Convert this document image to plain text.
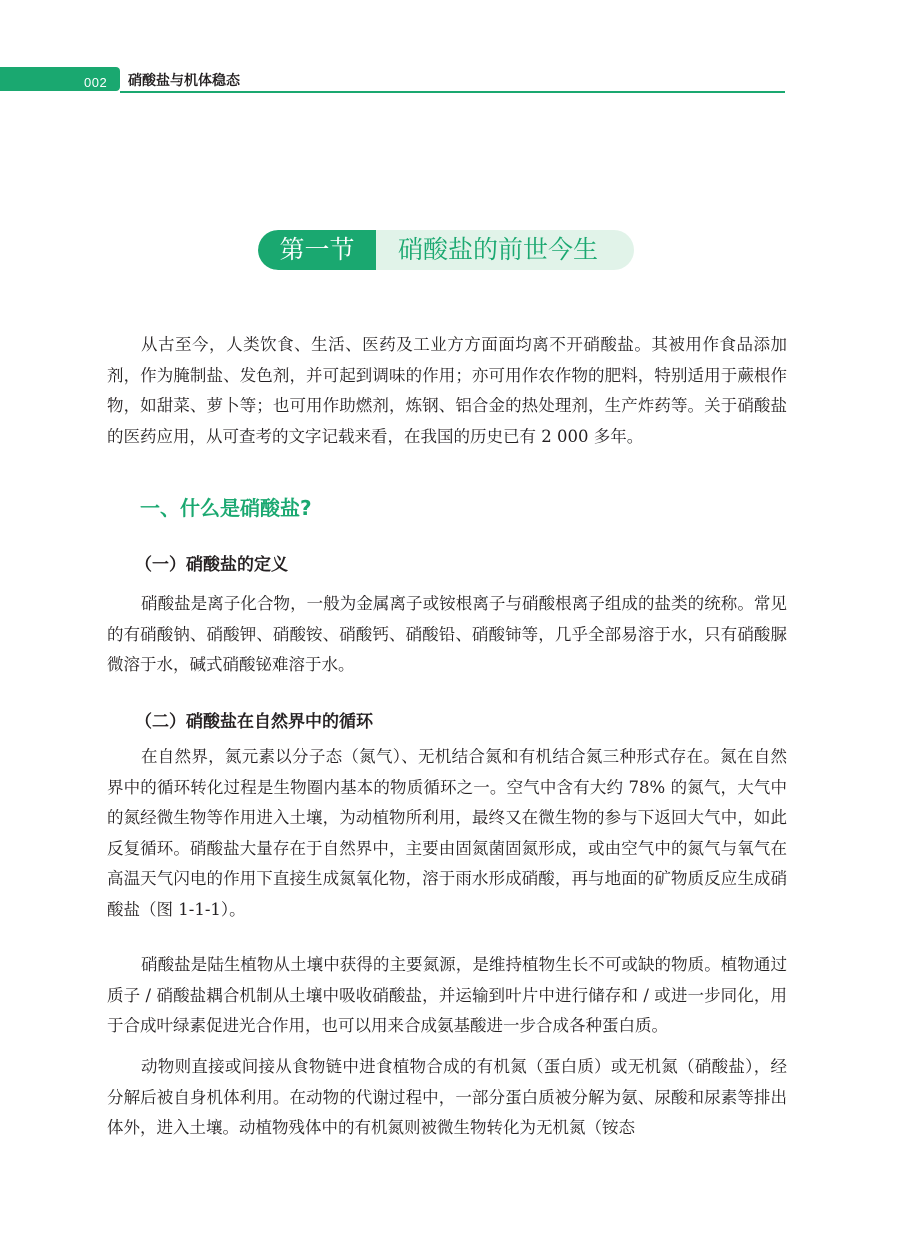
002 硝酸盐与机体稳态
第一节	硝酸盐的前世今生

从古至今，人类饮食、生活、医药及工业方方面面均离不开硝酸盐。其被用作食品添加剂，作为腌制盐、发色剂，并可起到调味的作用；亦可用作农作物的肥料，特别适用于蕨根作物，如甜菜、萝卜等；也可用作助燃剂，炼钢、铝合金的热处理剂，生产炸药等。关于硝酸盐的医药应用，从可查考的文字记载来看，在我国的历史已有 2 000 多年。

一、什么是硝酸盐?
（一）硝酸盐的定义

硝酸盐是离子化合物，一般为金属离子或铵根离子与硝酸根离子组成的盐类的统称。常见的有硝酸钠、硝酸钾、硝酸铵、硝酸钙、硝酸铅、硝酸铈等，几乎全部易溶于水，只有硝酸脲微溶于水，碱式硝酸铋难溶于水。

（二）硝酸盐在自然界中的循环

在自然界，氮元素以分子态（氮气）、无机结合氮和有机结合氮三种形式存在。氮在自然界中的循环转化过程是生物圈内基本的物质循环之一。空气中含有大约 78% 的氮气，大气中的氮经微生物等作用进入土壤，为动植物所利用，最终又在微生物的参与下返回大气中，如此反复循环。硝酸盐大量存在于自然界中，主要由固氮菌固氮形成，或由空气中的氮气与氧气在高温天气闪电的作用下直接生成氮氧化物，溶于雨水形成硝酸，再与地面的矿物质反应生成硝酸盐（图 1-1-1）。

硝酸盐是陆生植物从土壤中获得的主要氮源，是维持植物生长不可或缺的物质。植物通过质子 / 硝酸盐耦合机制从土壤中吸收硝酸盐，并运输到叶片中进行储存和 / 或进一步同化，用于合成叶绿素促进光合作用，也可以用来合成氨基酸进一步合成各种蛋白质。

动物则直接或间接从食物链中进食植物合成的有机氮（蛋白质）或无机氮（硝酸盐），经分解后被自身机体利用。在动物的代谢过程中，一部分蛋白质被分解为氨、尿酸和尿素等排出体外，进入土壤。动植物残体中的有机氮则被微生物转化为无机氮（铵态
